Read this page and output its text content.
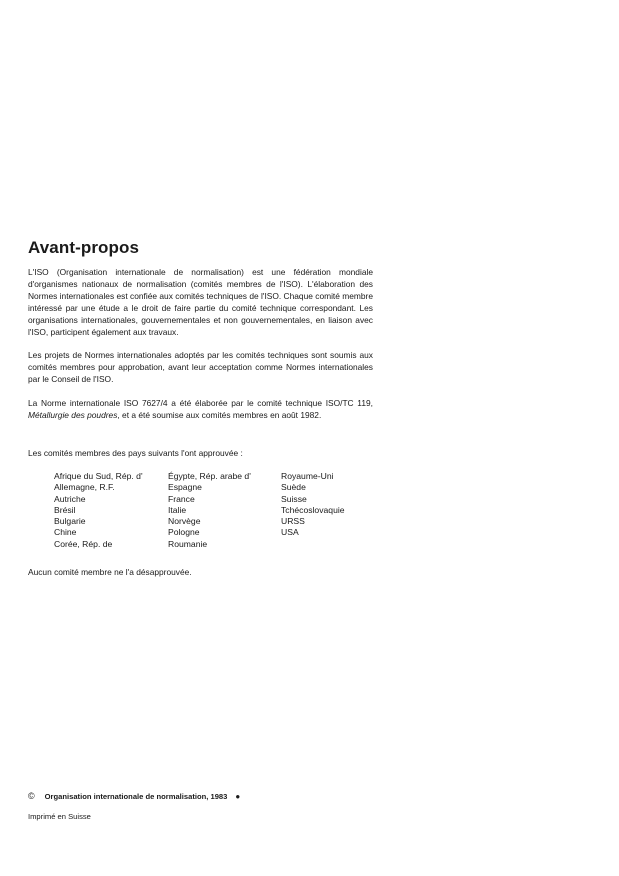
Avant-propos

L'ISO (Organisation internationale de normalisation) est une fédération mondiale d'organismes nationaux de normalisation (comités membres de l'ISO). L'élaboration des Normes internationales est confiée aux comités techniques de l'ISO. Chaque comité membre intéressé par une étude a le droit de faire partie du comité technique correspondant. Les organisations internationales, gouvernementales et non gouvernementales, en liaison avec l'ISO, participent également aux travaux.

Les projets de Normes internationales adoptés par les comités techniques sont soumis aux comités membres pour approbation, avant leur acceptation comme Normes internationales par le Conseil de l'ISO.

La Norme internationale ISO 7627/4 a été élaborée par le comité technique ISO/TC 119, Métallurgie des poudres, et a été soumise aux comités membres en août 1982.

Les comités membres des pays suivants l'ont approuvée :

Afrique du Sud, Rép. d'
Allemagne, R.F.
Autriche
Brésil
Bulgarie
Chine
Corée, Rép. de
Égypte, Rép. arabe d'
Espagne
France
Italie
Norvège
Pologne
Roumanie
Royaume-Uni
Suède
Suisse
Tchécoslovaquie
URSS
USA

Aucun comité membre ne l'a désapprouvée.

© Organisation internationale de normalisation, 1983 ●
Imprimé en Suisse
